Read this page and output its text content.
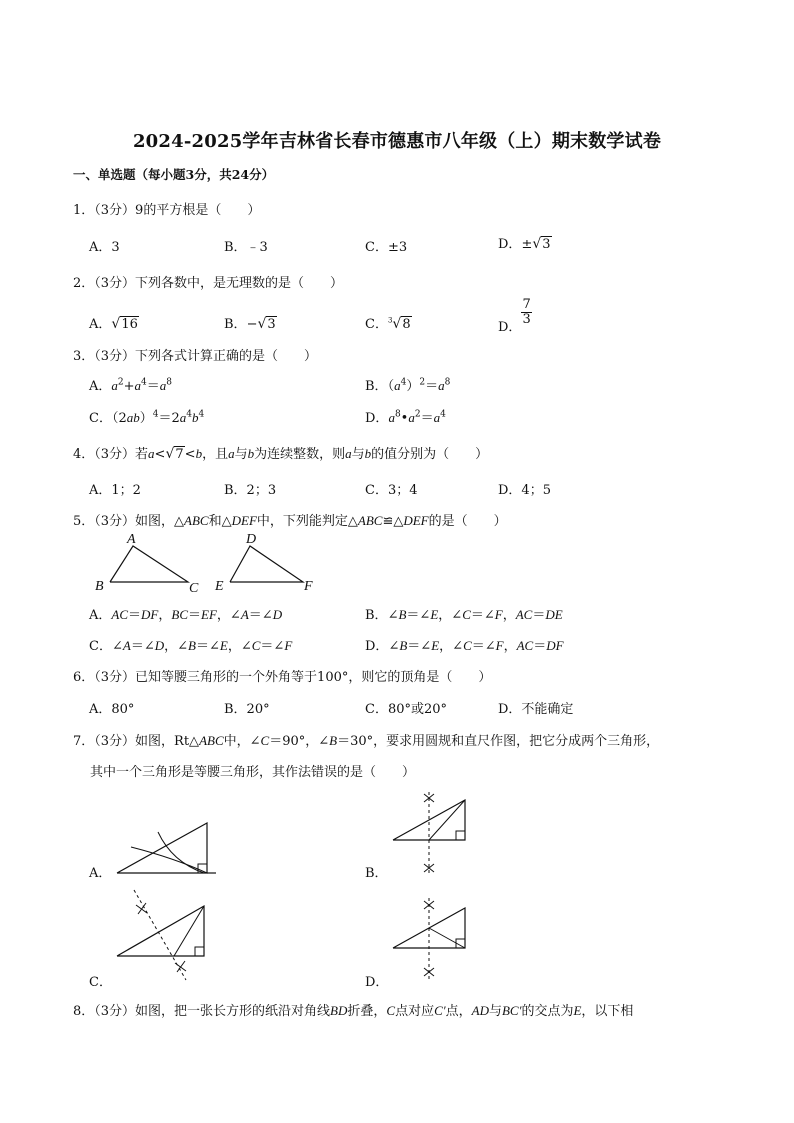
2024-2025学年吉林省长春市德惠市八年级（上）期末数学试卷
一、单选题（每小题3分，共24分）
1．（3分）9的平方根是（　　）
A．3	B．﹣3	C．±3	D．±√3
2．（3分）下列各数中，是无理数的是（　　）
A．√16	B．−√3	C．$^3$√8	D．
$\frac{7}{3}$
3．（3分）下列各式计算正确的是（　　）
A．$a^2+a^4=a^8$	B．$(a^4)^2=a^8$
C．$(2ab)^4=2a^4b^4$	D．$a^8•a^2=a^4$
4．（3分）若a<√7<b，且a与b为连续整数，则a与b的值分别为（　　）
A．1；2	B．2；3	C．3；4	D．4；5
5．（3分）如图，△ABC和△DEF中，下列能判定△ABC≌△DEF的是（　　）
A
B	C
D
E	F
A．AC＝DF，BC＝EF，∠A＝∠D	B．∠B＝∠E，∠C＝∠F，AC＝DE
C．∠A＝∠D，∠B＝∠E，∠C＝∠F	D．∠B＝∠E，∠C＝∠F，AC＝DF
6．（3分）已知等腰三角形的一个外角等于100°，则它的顶角是（　　）
A．80°	B．20°	C．80°或20°	D．不能确定
7．（3分）如图，Rt△ABC中，∠C＝90°，∠B＝30°，要求用圆规和直尺作图，把它分成两个三角形，
其中一个三角形是等腰三角形，其作法错误的是（　　）
A．	B．
C．	D．
8．（3分）如图，把一张长方形的纸沿对角线BD折叠，C点对应C′点，AD与BC′的交点为E，以下相
